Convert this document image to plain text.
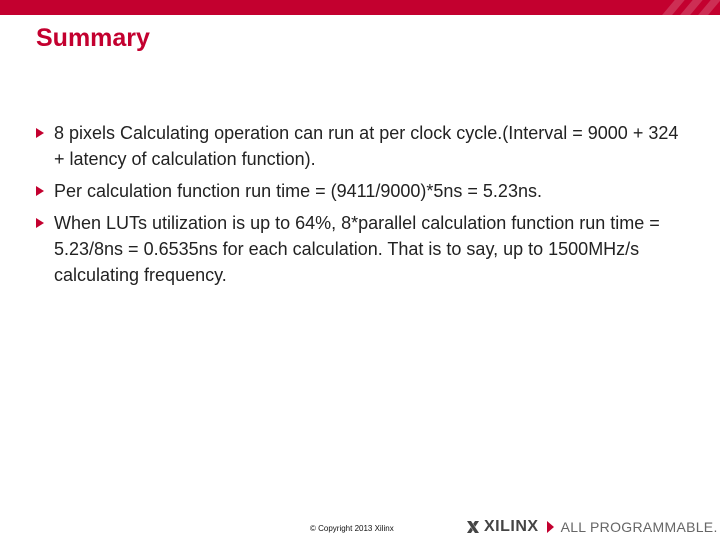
Summary
8 pixels Calculating operation can run at per clock cycle.(Interval = 9000 + 324 + latency of calculation function).
Per calculation function run time = (9411/9000)*5ns = 5.23ns.
When LUTs utilization is up to 64%, 8*parallel calculation function run time = 5.23/8ns = 0.6535ns for each calculation. That is to say, up to 1500MHz/s calculating frequency.
© Copyright 2013 Xilinx	XILINX ALL PROGRAMMABLE.
